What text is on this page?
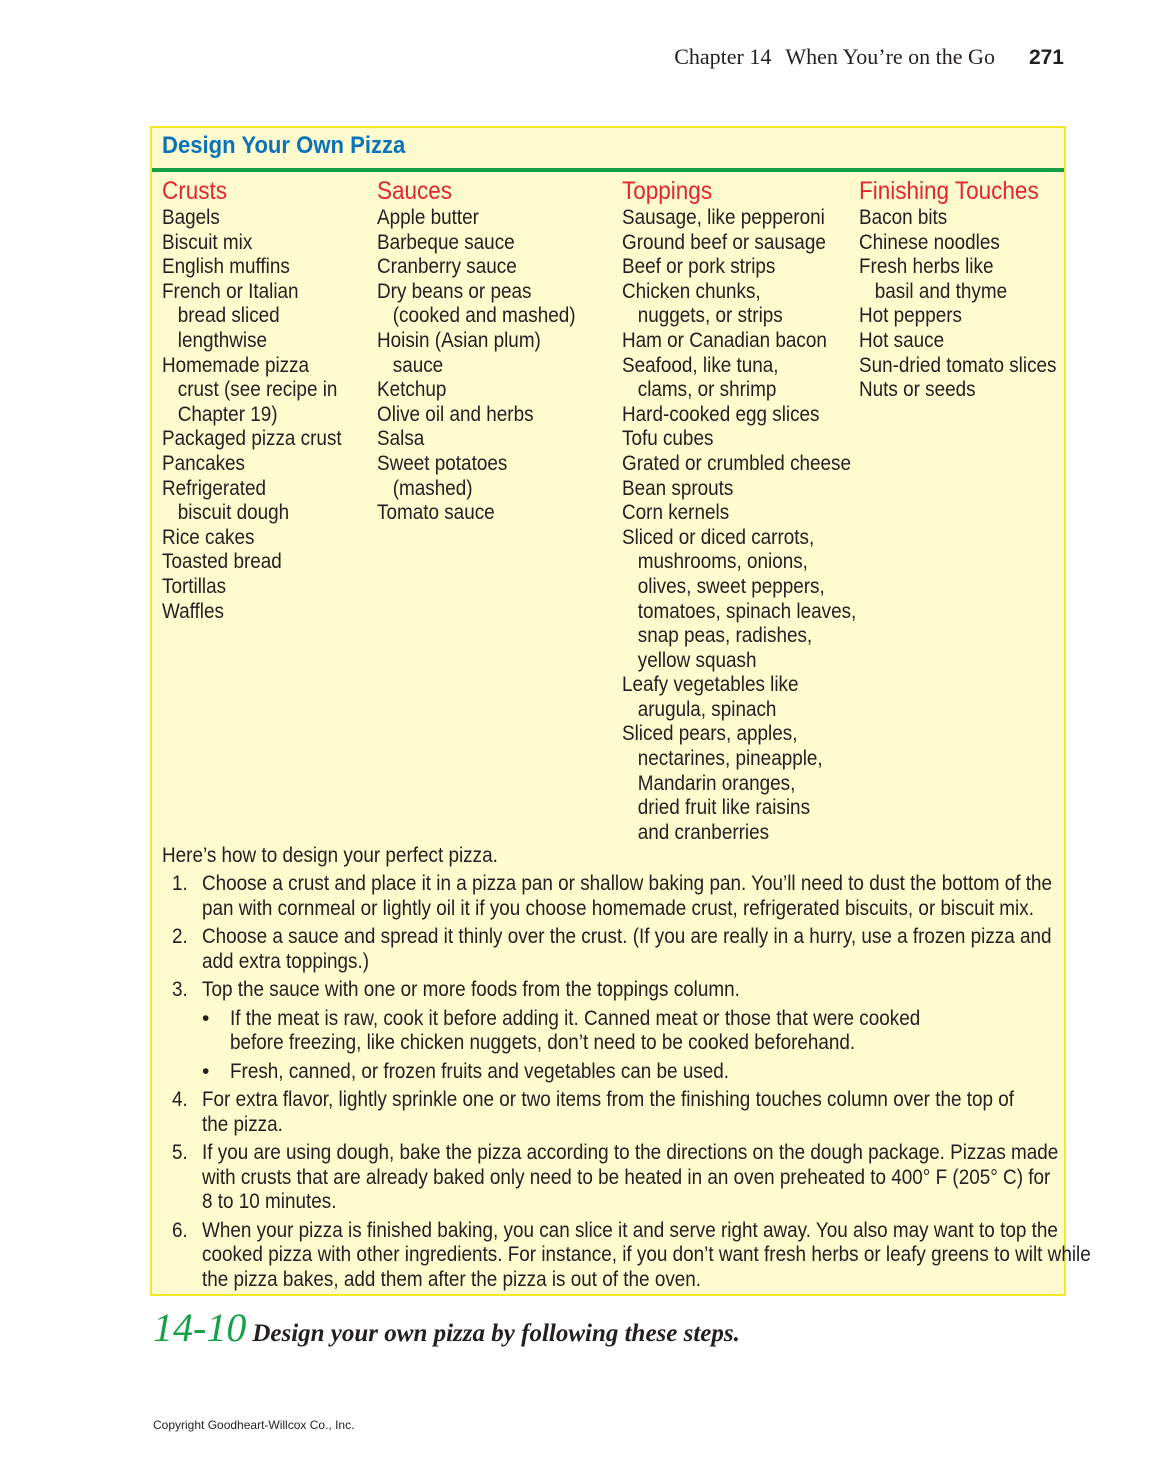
Chapter 14 When You’re on the Go 271
Design Your Own Pizza
Crusts
Bagels
Biscuit mix
English muffins
French or Italian
bread sliced
lengthwise
Homemade pizza
crust (see recipe in
Chapter 19)
Packaged pizza crust
Pancakes
Refrigerated
biscuit dough
Rice cakes
Toasted bread
Tortillas
Waffles
Sauces
Apple butter
Barbeque sauce
Cranberry sauce
Dry beans or peas
(cooked and mashed)
Hoisin (Asian plum)
sauce
Ketchup
Olive oil and herbs
Salsa
Sweet potatoes
(mashed)
Tomato sauce
Toppings
Sausage, like pepperoni
Ground beef or sausage
Beef or pork strips
Chicken chunks,
nuggets, or strips
Ham or Canadian bacon
Seafood, like tuna,
clams, or shrimp
Hard-cooked egg slices
Tofu cubes
Grated or crumbled cheese
Bean sprouts
Corn kernels
Sliced or diced carrots,
mushrooms, onions,
olives, sweet peppers,
tomatoes, spinach leaves,
snap peas, radishes,
yellow squash
Leafy vegetables like
arugula, spinach
Sliced pears, apples,
nectarines, pineapple,
Mandarin oranges,
dried fruit like raisins
and cranberries
Finishing Touches
Bacon bits
Chinese noodles
Fresh herbs like
basil and thyme
Hot peppers
Hot sauce
Sun-dried tomato slices
Nuts or seeds
Here’s how to design your perfect pizza.
1. Choose a crust and place it in a pizza pan or shallow baking pan. You’ll need to dust the bottom of the
pan with cornmeal or lightly oil it if you choose homemade crust, refrigerated biscuits, or biscuit mix.
2. Choose a sauce and spread it thinly over the crust. (If you are really in a hurry, use a frozen pizza and
add extra toppings.)
3. Top the sauce with one or more foods from the toppings column.
• If the meat is raw, cook it before adding it. Canned meat or those that were cooked
before freezing, like chicken nuggets, don’t need to be cooked beforehand.
• Fresh, canned, or frozen fruits and vegetables can be used.
4. For extra flavor, lightly sprinkle one or two items from the finishing touches column over the top of
the pizza.
5. If you are using dough, bake the pizza according to the directions on the dough package. Pizzas made
with crusts that are already baked only need to be heated in an oven preheated to 400° F (205° C) for
8 to 10 minutes.
6. When your pizza is finished baking, you can slice it and serve right away. You also may want to top the
cooked pizza with other ingredients. For instance, if you don’t want fresh herbs or leafy greens to wilt while
the pizza bakes, add them after the pizza is out of the oven.
14-10 Design your own pizza by following these steps.
Copyright Goodheart-Willcox Co., Inc.
